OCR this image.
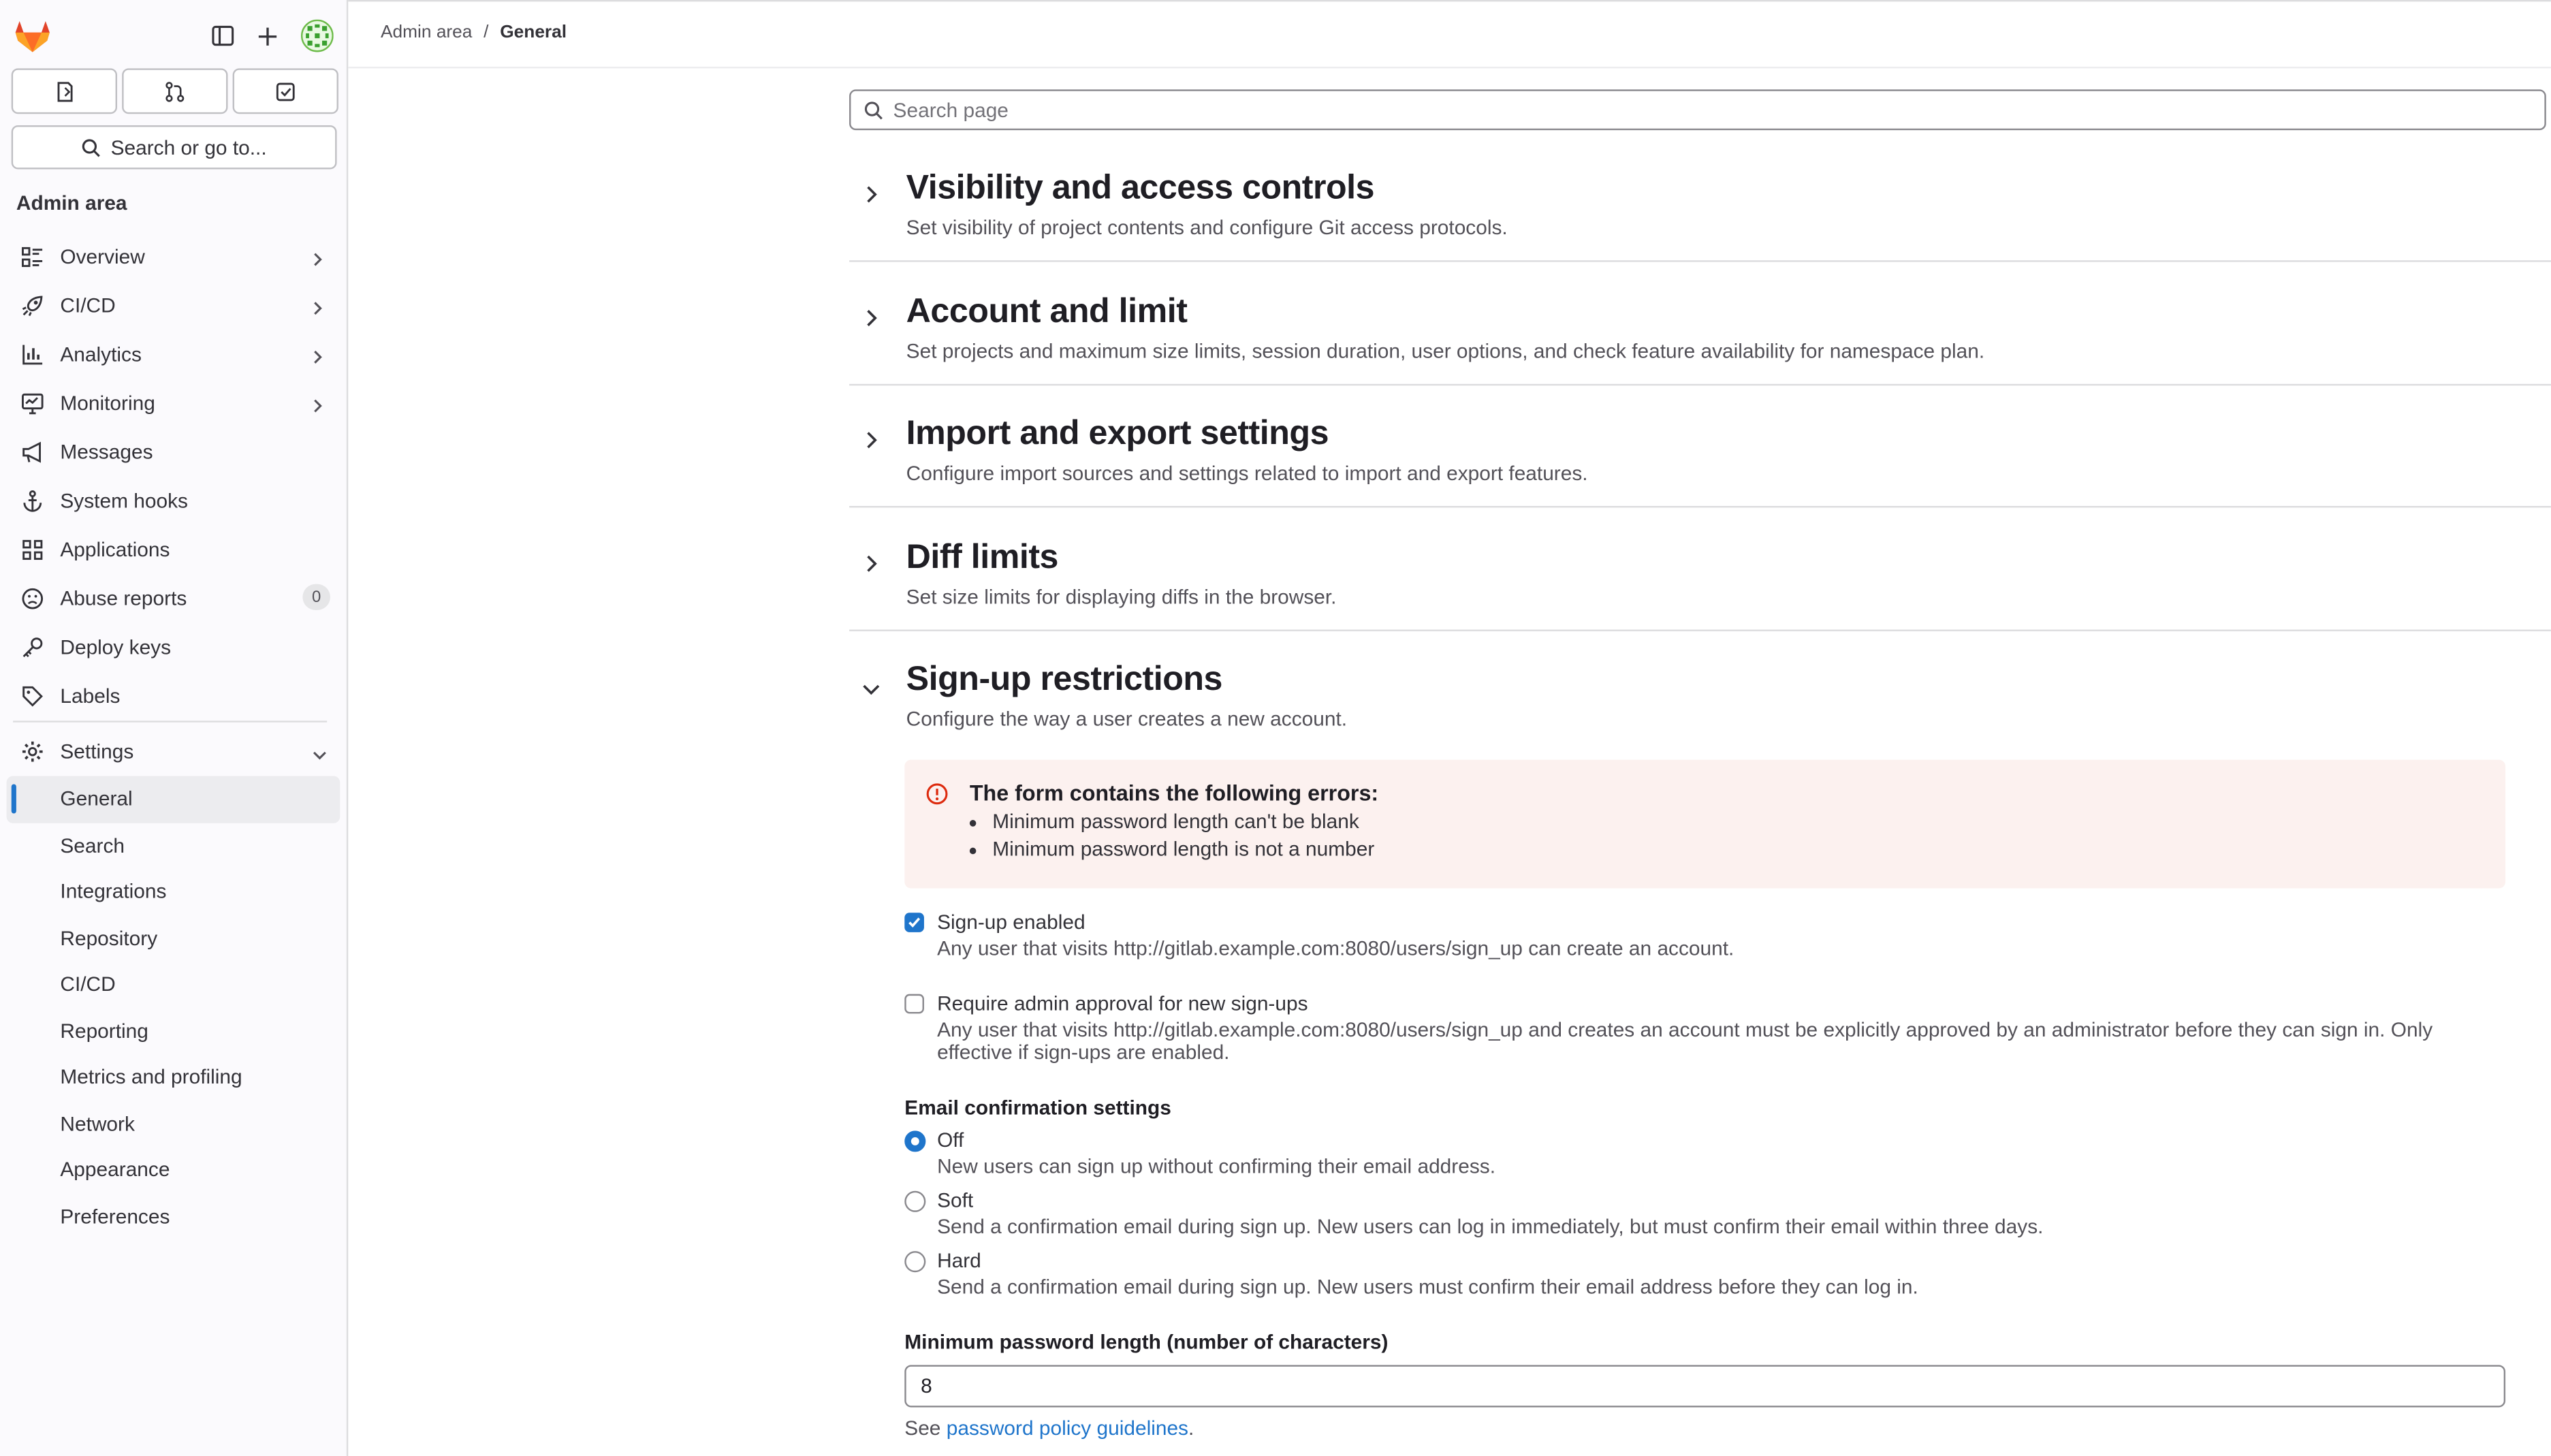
Search or go to...
Admin area
Overview
CI/CD
Analytics
Monitoring
Messages
System hooks
Applications
Abuse reports	0
Deploy keys
Labels
Settings
General
Search
Integrations
Repository
CI/CD
Reporting
Metrics and profiling
Network
Appearance
Preferences
Admin area / General
Search page
Visibility and access controls
Set visibility of project contents and configure Git access protocols.
Account and limit
Set projects and maximum size limits, session duration, user options, and check feature availability for namespace plan.
Import and export settings
Configure import sources and settings related to import and export features.
Diff limits
Set size limits for displaying diffs in the browser.
Sign-up restrictions
Configure the way a user creates a new account.
The form contains the following errors:
• Minimum password length can't be blank
• Minimum password length is not a number
Sign-up enabled
Any user that visits http://gitlab.example.com:8080/users/sign_up can create an account.
Require admin approval for new sign-ups
Any user that visits http://gitlab.example.com:8080/users/sign_up and creates an account must be explicitly approved by an administrator before they can sign in. Only effective if sign-ups are enabled.
Email confirmation settings
Off
New users can sign up without confirming their email address.
Soft
Send a confirmation email during sign up. New users can log in immediately, but must confirm their email within three days.
Hard
Send a confirmation email during sign up. New users must confirm their email address before they can log in.
Minimum password length (number of characters)
8
See password policy guidelines.
